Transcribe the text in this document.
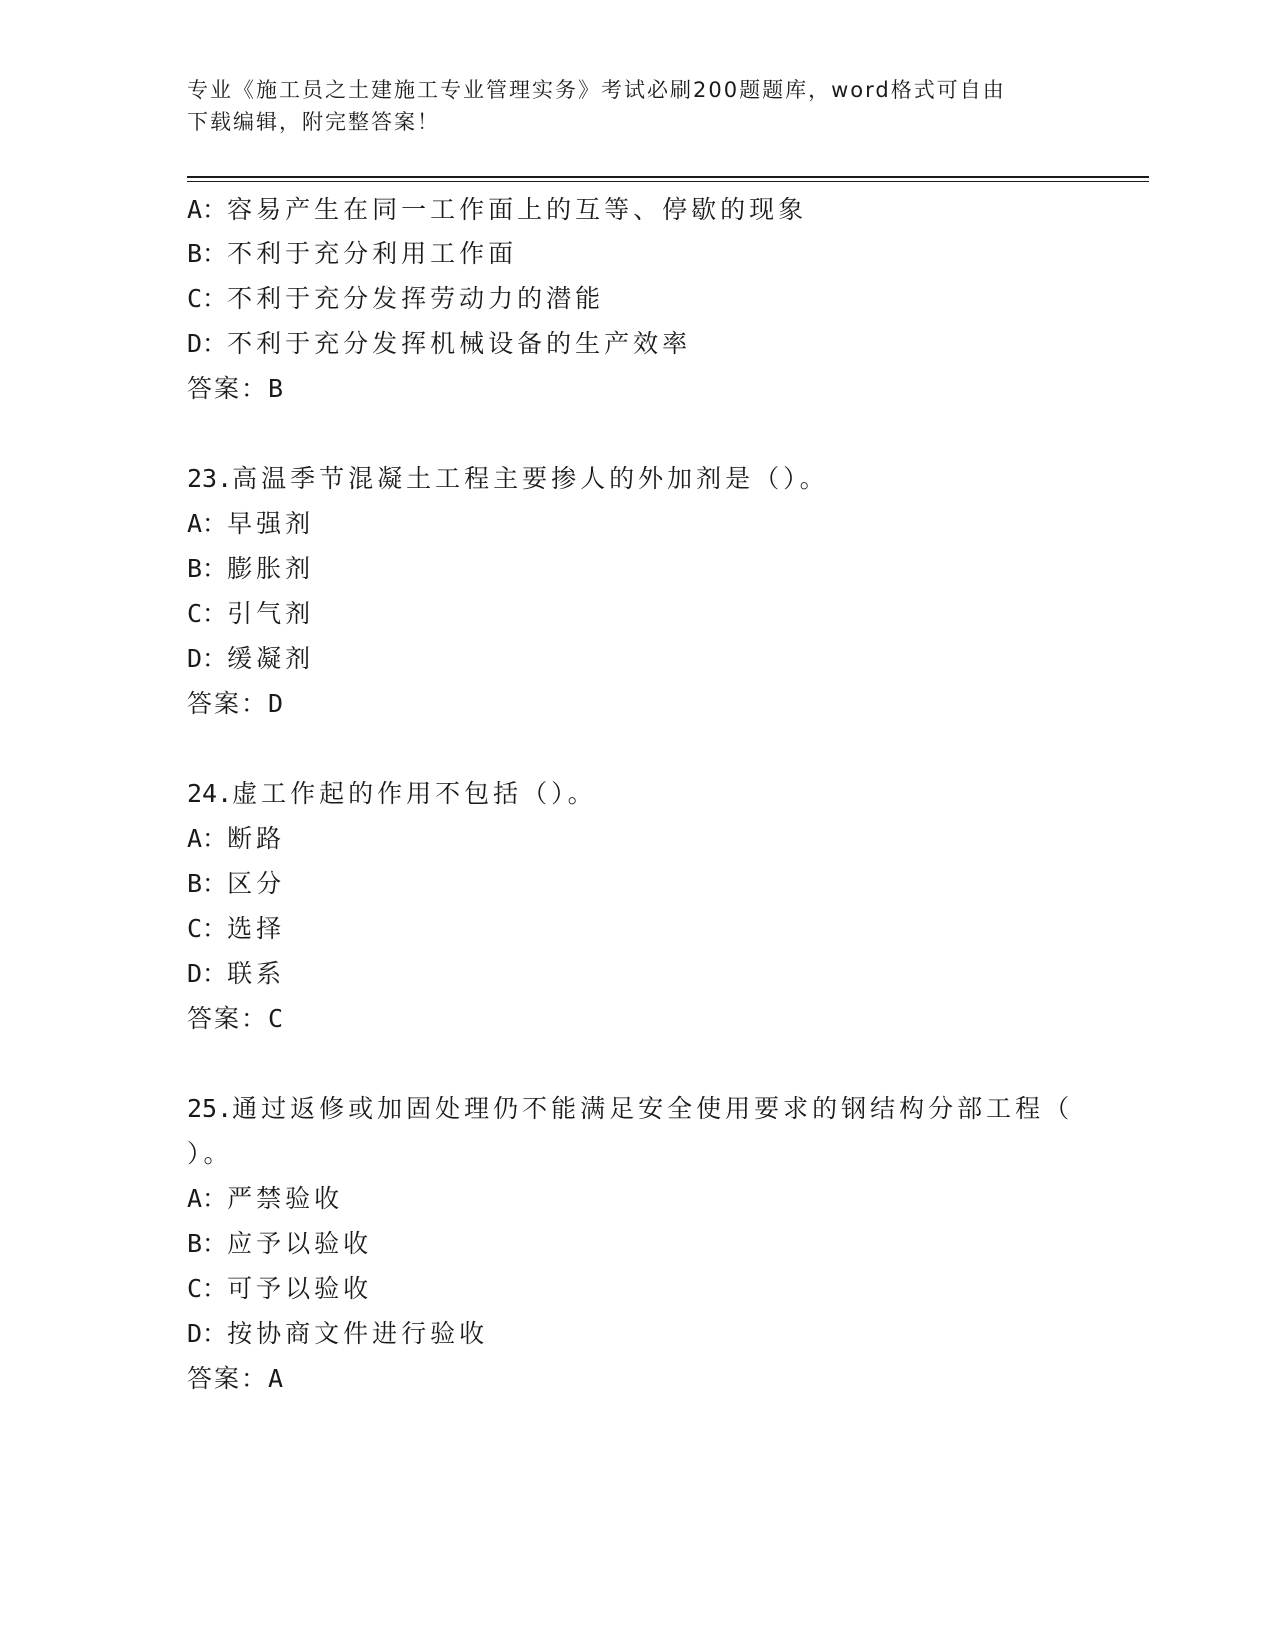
专业《施工员之土建施工专业管理实务》考试必刷200题题库，word格式可自由
下载编辑，附完整答案！
A：容易产生在同一工作面上的互等、停歇的现象
B：不利于充分利用工作面
C：不利于充分发挥劳动力的潜能
D：不利于充分发挥机械设备的生产效率
答案：B
23.高温季节混凝土工程主要掺人的外加剂是（）。
A：早强剂
B：膨胀剂
C：引气剂
D：缓凝剂
答案：D
24.虚工作起的作用不包括（）。
A：断路
B：区分
C：选择
D：联系
答案：C
25.通过返修或加固处理仍不能满足安全使用要求的钢结构分部工程（
）。
A：严禁验收
B：应予以验收
C：可予以验收
D：按协商文件进行验收
答案：A
